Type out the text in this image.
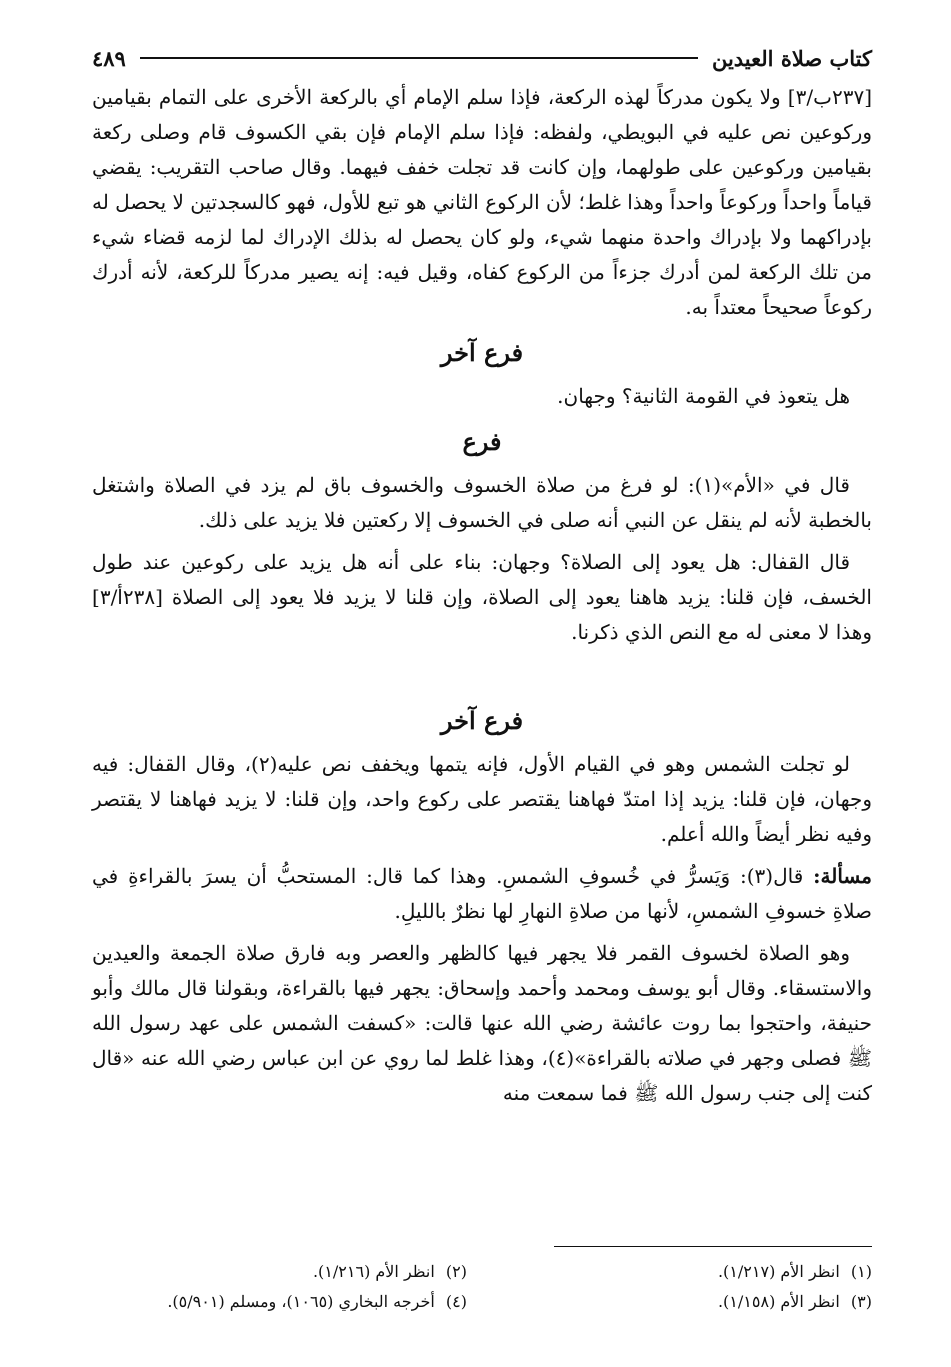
كتاب صلاة العيدين
٤٨٩

[٢٣٧ب/٣] ولا يكون مدركاً لهذه الركعة، فإذا سلم الإمام أي بالركعة الأخرى على التمام بقيامين وركوعين نص عليه في البويطي، ولفظه: فإذا سلم الإمام فإن بقي الكسوف قام وصلى ركعة بقيامين وركوعين على طولهما، وإن كانت قد تجلت خفف فيهما. وقال صاحب التقريب: يقضي قياماً واحداً وركوعاً واحداً وهذا غلط؛ لأن الركوع الثاني هو تبع للأول، فهو كالسجدتين لا يحصل له بإدراكهما ولا بإدراك واحدة منهما شيء، ولو كان يحصل له بذلك الإدراك لما لزمه قضاء شيء من تلك الركعة لمن أدرك جزءاً من الركوع كفاه، وقيل فيه: إنه يصير مدركاً للركعة، لأنه أدرك ركوعاً صحيحاً معتداً به.

فرع آخر

هل يتعوذ في القومة الثانية؟ وجهان.

فرع

قال في «الأم»(١): لو فرغ من صلاة الخسوف والخسوف باق لم يزد في الصلاة واشتغل بالخطبة لأنه لم ينقل عن النبي أنه صلى في الخسوف إلا ركعتين فلا يزيد على ذلك.

قال القفال: هل يعود إلى الصلاة؟ وجهان: بناء على أنه هل يزيد على ركوعين عند طول الخسف، فإن قلنا: يزيد هاهنا يعود إلى الصلاة، وإن قلنا لا يزيد فلا يعود إلى الصلاة [٢٣٨أ/٣] وهذا لا معنى له مع النص الذي ذكرنا.

فرع آخر

لو تجلت الشمس وهو في القيام الأول، فإنه يتمها ويخفف نص عليه(٢)، وقال القفال: فيه وجهان، فإن قلنا: يزيد إذا امتدّ فهاهنا يقتصر على ركوع واحد، وإن قلنا: لا يزيد فهاهنا لا يقتصر وفيه نظر أيضاً والله أعلم.

مسألة: قال(٣): وَيَسرُّ في خُسوفِ الشمسِ. وهذا كما قال: المستحبُّ أن يسرَ بالقراءةِ في صلاةِ خسوفِ الشمسِ، لأنها من صلاةِ النهارِ لها نظرٌ بالليلِ.

وهو الصلاة لخسوف القمر فلا يجهر فيها كالظهر والعصر وبه فارق صلاة الجمعة والعيدين والاستسقاء. وقال أبو يوسف ومحمد وأحمد وإسحاق: يجهر فيها بالقراءة، وبقولنا قال مالك وأبو حنيفة، واحتجوا بما روت عائشة رضي الله عنها قالت: «كسفت الشمس على عهد رسول الله ﷺ فصلى وجهر في صلاته بالقراءة»(٤)، وهذا غلط لما روي عن ابن عباس رضي الله عنه «قال كنت إلى جنب رسول الله ﷺ فما سمعت منه

(١) انظر الأم (١/٢١٧).
(٢) انظر الأم (١/٢١٦).
(٣) انظر الأم (١/١٥٨).
(٤) أخرجه البخاري (١٠٦٥)، ومسلم (٥/٩٠١).
